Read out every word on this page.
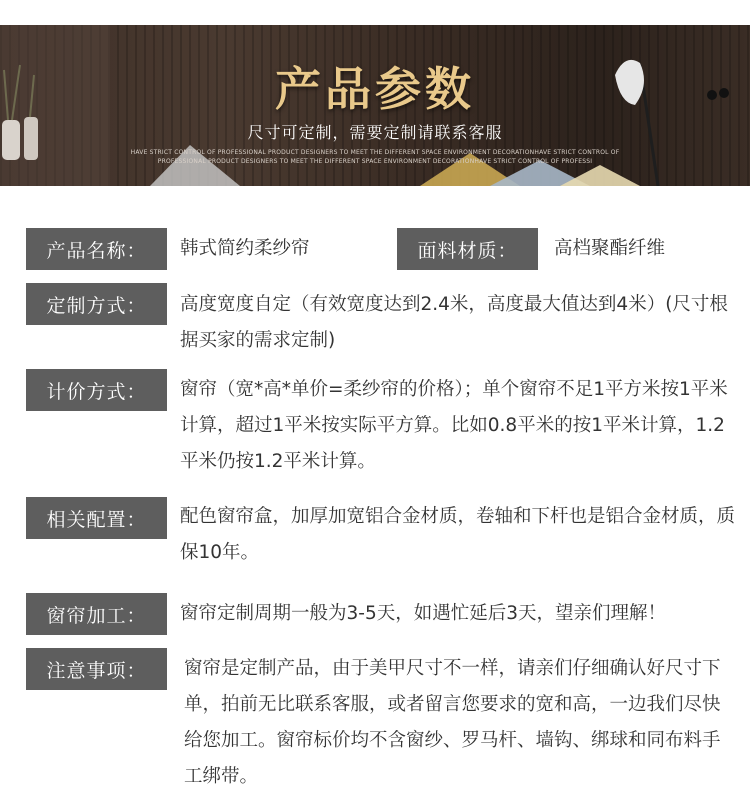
产品参数
尺寸可定制，需要定制请联系客服
HAVE STRICT CONTROL OF PROFESSIONAL PRODUCT DESIGNERS TO MEET THE DIFFERENT SPACE ENVIRONMENT DECORATIONHAVE STRICT CONTROL OF PROFESSIONAL PRODUCT DESIGNERS TO MEET THE DIFFERENT SPACE ENVIRONMENT DECORATIONHAVE STRICT CONTROL OF PROFESSI
产品名称：	韩式简约柔纱帘	面料材质：	高档聚酯纤维
定制方式：	高度宽度自定（有效宽度达到2.4米，高度最大值达到4米）(尺寸根据买家的需求定制)
计价方式：	窗帘（宽*高*单价=柔纱帘的价格）；单个窗帘不足1平方米按1平米计算，超过1平米按实际平方算。比如0.8平米的按1平米计算，1.2平米仍按1.2平米计算。
相关配置：	配色窗帘盒，加厚加宽铝合金材质，卷轴和下杆也是铝合金材质，质保10年。
窗帘加工：	窗帘定制周期一般为3-5天，如遇忙延后3天，望亲们理解！
注意事项：	窗帘是定制产品，由于美甲尺寸不一样，请亲们仔细确认好尺寸下单，拍前无比联系客服，或者留言您要求的宽和高，一边我们尽快给您加工。窗帘标价均不含窗纱、罗马杆、墙钩、绑球和同布料手工绑带。
